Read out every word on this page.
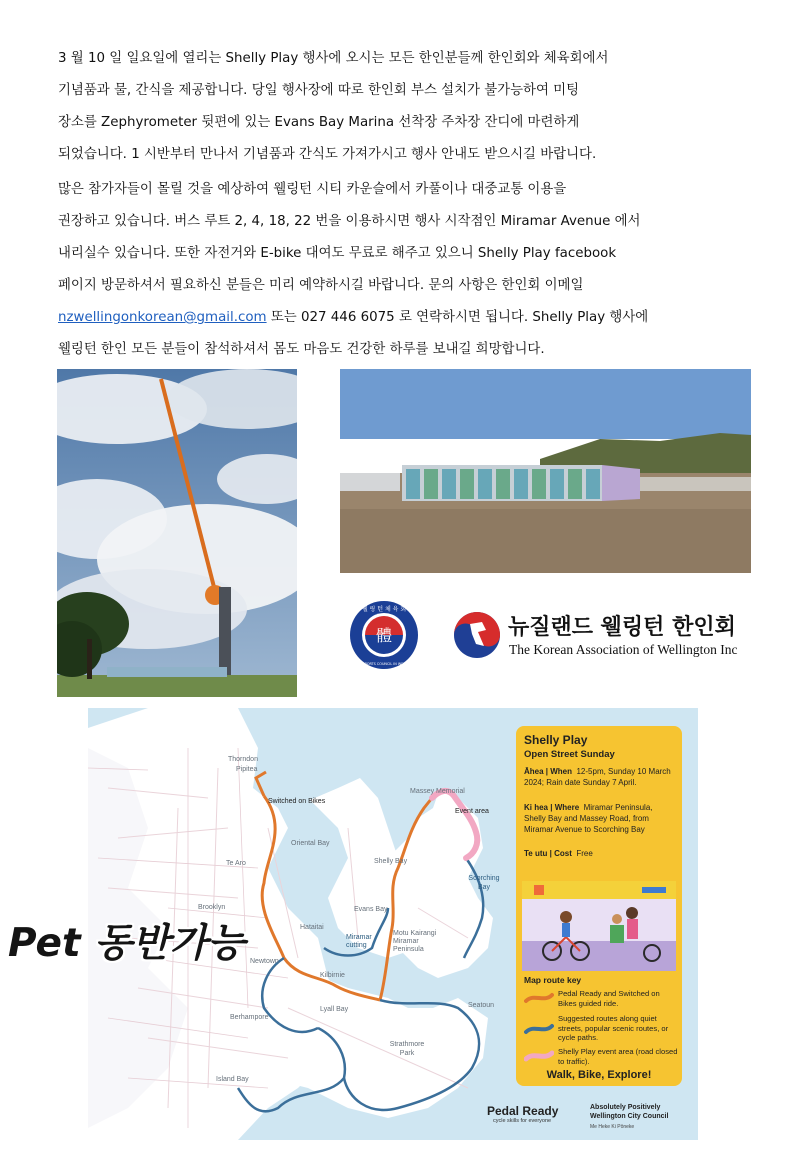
3 월 10 일 일요일에 열리는 Shelly Play 행사에 오시는 모든 한인분들께 한인회와 체육회에서
기념품과 물, 간식을 제공합니다. 당일 행사장에 따로 한인회 부스 설치가 불가능하여 미팅
장소를 Zephyrometer 뒷편에 있는 Evans Bay Marina 선착장 주차장 잔디에 마련하게
되었습니다. 1 시반부터 만나서 기념품과 간식도 가져가시고 행사 안내도 받으시길 바랍니다.
많은 참가자들이 몰릴 것을 예상하여 웰링턴 시티 카운슬에서 카풀이나 대중교통 이용을
권장하고 있습니다. 버스 루트 2, 4, 18, 22 번을 이용하시면 행사 시작점인 Miramar Avenue 에서
내리실수 있습니다. 또한 자전거와 E-bike 대여도 무료로 해주고 있으니 Shelly Play facebook
페이지 방문하셔서 필요하신 분들은 미리 예약하시길 바랍니다. 문의 사항은 한인회 이메일
nzwellingonkorean@gmail.com 또는 027 446 6075 로 연락하시면 됩니다. Shelly Play 행사에
웰링턴 한인 모든 분들이 참석하셔서 몸도 마음도 건강한 하루를 보내길 희망합니다.
體
웰 링 턴 체 육 회
KOREAN SPORTS COUNCIL IN WELLINGTON
뉴질랜드 웰링턴 한인회
The Korean Association of Wellington Inc
Thorndon
Pipitea
Switched on Bikes
Oriental Bay
Te Aro
Brooklyn
Hataitai
Newtown
Kilbirnie
Berhampore
Lyall Bay
Island Bay
Evans Bay
Miramar cutting
Motu Kairangi Miramar Peninsula
Shelly Bay
Massey Memorial
Event area
Scorching Bay
Seatoun
Strathmore Park
Shelly Play
Open Street Sunday
Āhea | When 12-5pm, Sunday 10 March 2024; Rain date Sunday 7 April.
Ki hea | Where Miramar Peninsula, Shelly Bay and Massey Road, from Miramar Avenue to Scorching Bay
Te utu | Cost Free
Map route key
Pedal Ready and Switched on Bikes guided ride.
Suggested routes along quiet streets, popular scenic routes, or cycle paths.
Shelly Play event area (road closed to traffic).
Walk, Bike, Explore!
Pedal Ready
cycle skills for everyone
Absolutely Positively
Wellington City Council
Me Heke Ki Pōneke
Pet 동반가능
